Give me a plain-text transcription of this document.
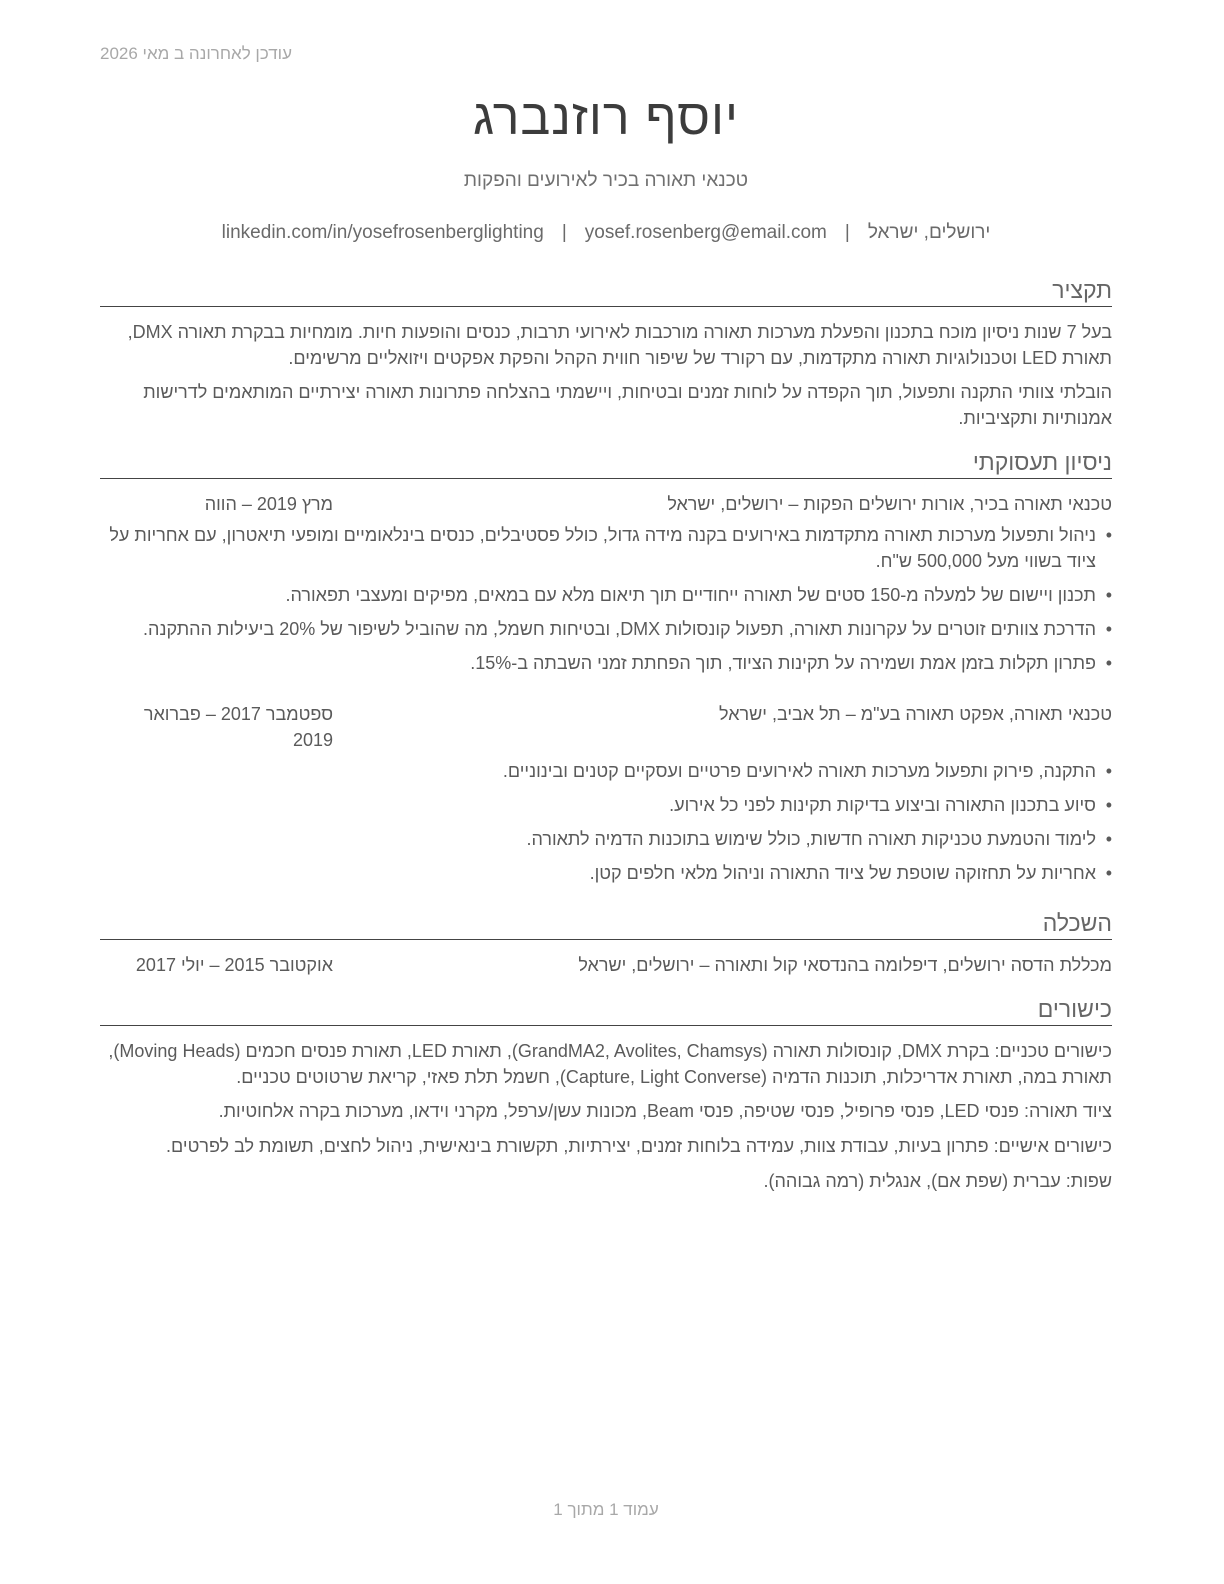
עודכן לאחרונה ב מאי 2026
יוסף רוזנברג
טכנאי תאורה בכיר לאירועים והפקות
ירושלים, ישראל
|
yosef.rosenberg@email.com
|
linkedin.com/in/yosefrosenberglighting
תקציר
בעל 7 שנות ניסיון מוכח בתכנון והפעלת מערכות תאורה מורכבות לאירועי תרבות, כנסים והופעות חיות. מומחיות בבקרת תאורה DMX, תאורת LED וטכנולוגיות תאורה מתקדמות, עם רקורד של שיפור חווית הקהל והפקת אפקטים ויזואליים מרשימים.
הובלתי צוותי התקנה ותפעול, תוך הקפדה על לוחות זמנים ובטיחות, ויישמתי בהצלחה פתרונות תאורה יצירתיים המותאמים לדרישות אמנותיות ותקציביות.
ניסיון תעסוקתי
טכנאי תאורה בכיר, אורות ירושלים הפקות – ירושלים, ישראל
מרץ 2019 – הווה
• ניהול ותפעול מערכות תאורה מתקדמות באירועים בקנה מידה גדול, כולל פסטיבלים, כנסים בינלאומיים ומופעי תיאטרון, עם אחריות על ציוד בשווי מעל 500,000 ש"ח.
• תכנון ויישום של למעלה מ-150 סטים של תאורה ייחודיים תוך תיאום מלא עם במאים, מפיקים ומעצבי תפאורה.
• הדרכת צוותים זוטרים על עקרונות תאורה, תפעול קונסולות DMX, ובטיחות חשמל, מה שהוביל לשיפור של 20% ביעילות ההתקנה.
• פתרון תקלות בזמן אמת ושמירה על תקינות הציוד, תוך הפחתת זמני השבתה ב-15%.
טכנאי תאורה, אפקט תאורה בע"מ – תל אביב, ישראל
ספטמבר 2017 – פברואר 2019
• התקנה, פירוק ותפעול מערכות תאורה לאירועים פרטיים ועסקיים קטנים ובינוניים.
• סיוע בתכנון התאורה וביצוע בדיקות תקינות לפני כל אירוע.
• לימוד והטמעת טכניקות תאורה חדשות, כולל שימוש בתוכנות הדמיה לתאורה.
• אחריות על תחזוקה שוטפת של ציוד התאורה וניהול מלאי חלפים קטן.
השכלה
מכללת הדסה ירושלים, דיפלומה בהנדסאי קול ותאורה – ירושלים, ישראל
אוקטובר 2015 – יולי 2017
כישורים
כישורים טכניים: בקרת DMX, קונסולות תאורה (GrandMA2, Avolites, Chamsys), תאורת LED, תאורת פנסים חכמים (Moving Heads), תאורת במה, תאורת אדריכלות, תוכנות הדמיה (Capture, Light Converse), חשמל תלת פאזי, קריאת שרטוטים טכניים.
ציוד תאורה: פנסי LED, פנסי פרופיל, פנסי שטיפה, פנסי Beam, מכונות עשן/ערפל, מקרני וידאו, מערכות בקרה אלחוטיות.
כישורים אישיים: פתרון בעיות, עבודת צוות, עמידה בלוחות זמנים, יצירתיות, תקשורת בינאישית, ניהול לחצים, תשומת לב לפרטים.
שפות: עברית (שפת אם), אנגלית (רמה גבוהה).
עמוד 1 מתוך 1
